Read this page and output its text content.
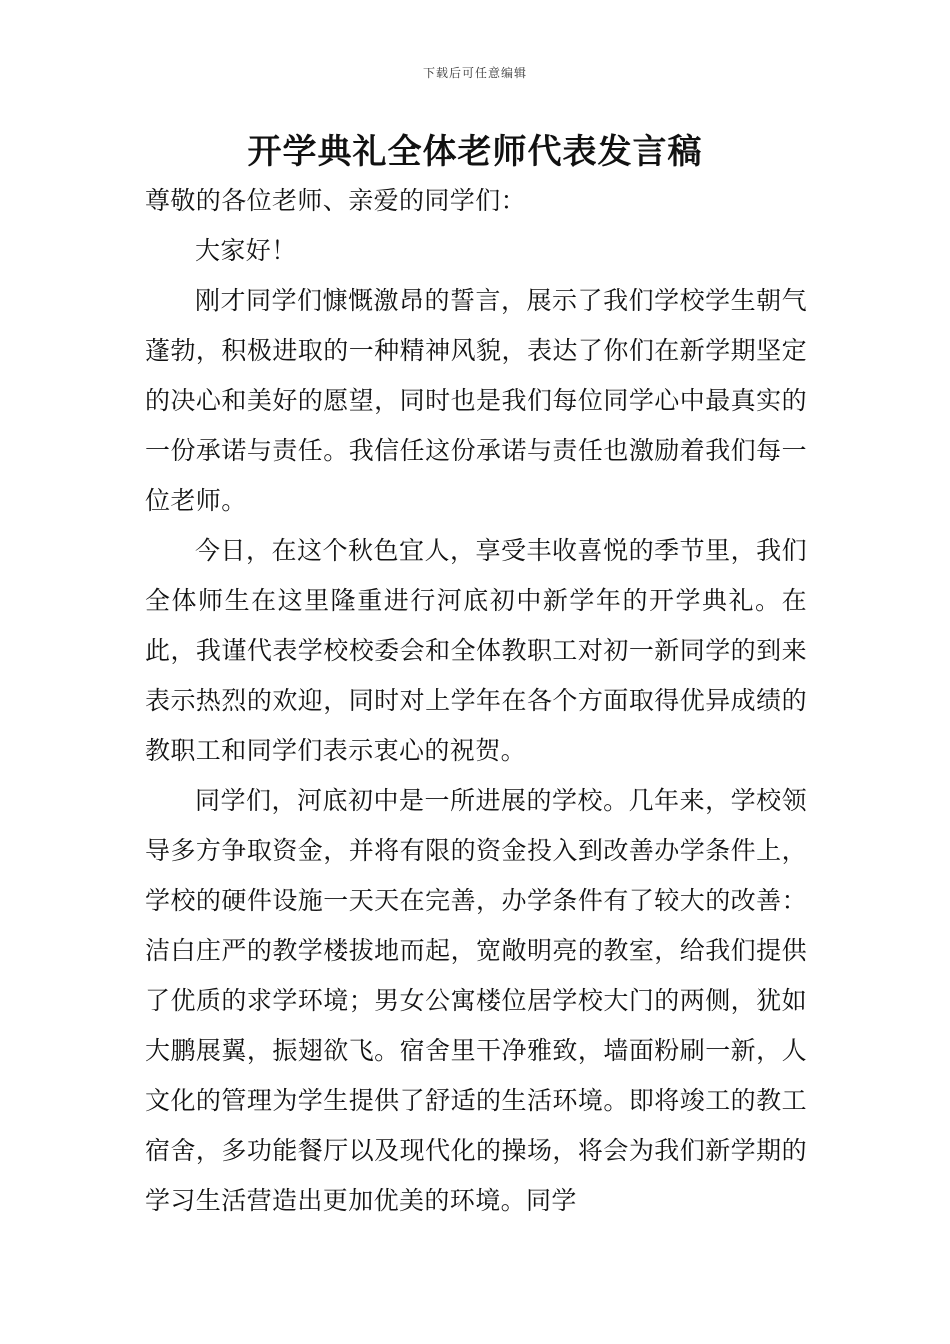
下载后可任意编辑
开学典礼全体老师代表发言稿

尊敬的各位老师、亲爱的同学们：

大家好！

刚才同学们慷慨激昂的誓言，展示了我们学校学生朝气蓬勃，积极进取的一种精神风貌，表达了你们在新学期坚定的决心和美好的愿望，同时也是我们每位同学心中最真实的一份承诺与责任。我信任这份承诺与责任也激励着我们每一位老师。

今日，在这个秋色宜人，享受丰收喜悦的季节里，我们全体师生在这里隆重进行河底初中新学年的开学典礼。在此，我谨代表学校校委会和全体教职工对初一新同学的到来表示热烈的欢迎，同时对上学年在各个方面取得优异成绩的教职工和同学们表示衷心的祝贺。

同学们，河底初中是一所进展的学校。几年来，学校领导多方争取资金，并将有限的资金投入到改善办学条件上，学校的硬件设施一天天在完善，办学条件有了较大的改善：洁白庄严的教学楼拔地而起，宽敞明亮的教室，给我们提供了优质的求学环境；男女公寓楼位居学校大门的两侧，犹如大鹏展翼，振翅欲飞。宿舍里干净雅致，墙面粉刷一新，人文化的管理为学生提供了舒适的生活环境。即将竣工的教工宿舍，多功能餐厅以及现代化的操场，将会为我们新学期的学习生活营造出更加优美的环境。同学
